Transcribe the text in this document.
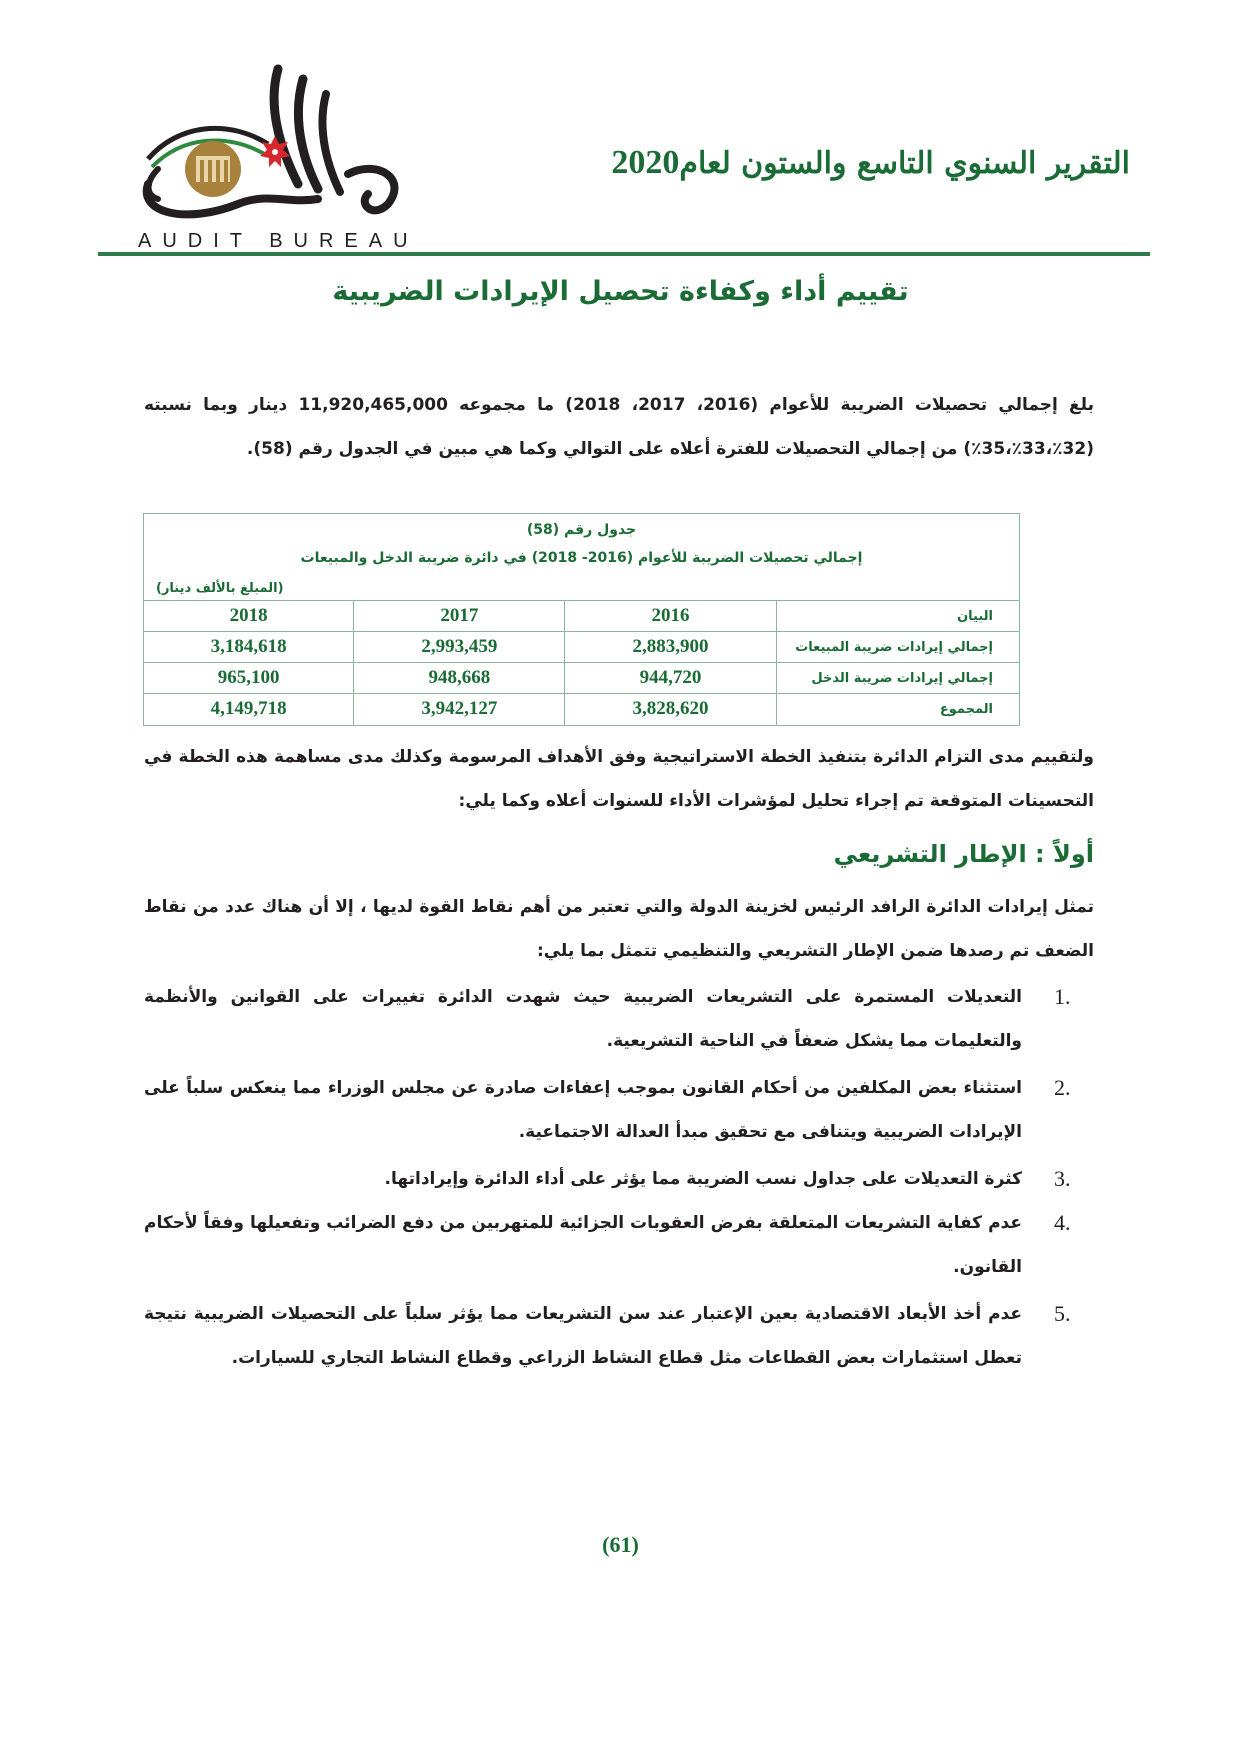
AUDIT BUREAU
التقرير السنوي التاسع والستون لعام2020
تقييم أداء وكفاءة تحصيل الإيرادات الضريبية

بلغ إجمالي تحصيلات الضريبة للأعوام (2016، 2017، 2018) ما مجموعه 11,920,465,000 دينار وبما نسبته (32٪،33٪،35٪) من إجمالي التحصيلات للفترة أعلاه على التوالي وكما هي مبين في الجدول رقم (58).

جدول رقم (58)
إجمالي تحصيلات الضريبة للأعوام (2016- 2018) في دائرة ضريبة الدخل والمبيعات
(المبلغ بالألف دينار)
البيان	2016	2017	2018
إجمالي إيرادات ضريبة المبيعات	2,883,900	2,993,459	3,184,618
إجمالي إيرادات ضريبة الدخل	944,720	948,668	965,100
المجموع	3,828,620	3,942,127	4,149,718

ولتقييم مدى التزام الدائرة بتنفيذ الخطة الاستراتيجية وفق الأهداف المرسومة وكذلك مدى مساهمة هذه الخطة في التحسينات المتوقعة تم إجراء تحليل لمؤشرات الأداء للسنوات أعلاه وكما يلي:

أولاً : الإطار التشريعي

تمثل إيرادات الدائرة الرافد الرئيس لخزينة الدولة والتي تعتبر من أهم نقاط القوة لديها ، إلا أن هناك عدد من نقاط الضعف تم رصدها ضمن الإطار التشريعي والتنظيمي تتمثل بما يلي:

1.

التعديلات المستمرة على التشريعات الضريبية حيث شهدت الدائرة تغييرات على القوانين والأنظمة والتعليمات مما يشكل ضعفاً في الناحية التشريعية.

2.

استثناء بعض المكلفين من أحكام القانون بموجب إعفاءات صادرة عن مجلس الوزراء مما ينعكس سلباً على الإيرادات الضريبية ويتنافى مع تحقيق مبدأ العدالة الاجتماعية.

3.

كثرة التعديلات على جداول نسب الضريبة مما يؤثر على أداء الدائرة وإيراداتها.

4.

عدم كفاية التشريعات المتعلقة بفرض العقوبات الجزائية للمتهربين من دفع الضرائب وتفعيلها وفقاً لأحكام القانون.

5.

عدم أخذ الأبعاد الاقتصادية بعين الإعتبار عند سن التشريعات مما يؤثر سلباً على التحصيلات الضريبية نتيجة تعطل استثمارات بعض القطاعات مثل قطاع النشاط الزراعي وقطاع النشاط التجاري للسيارات.

(61)
